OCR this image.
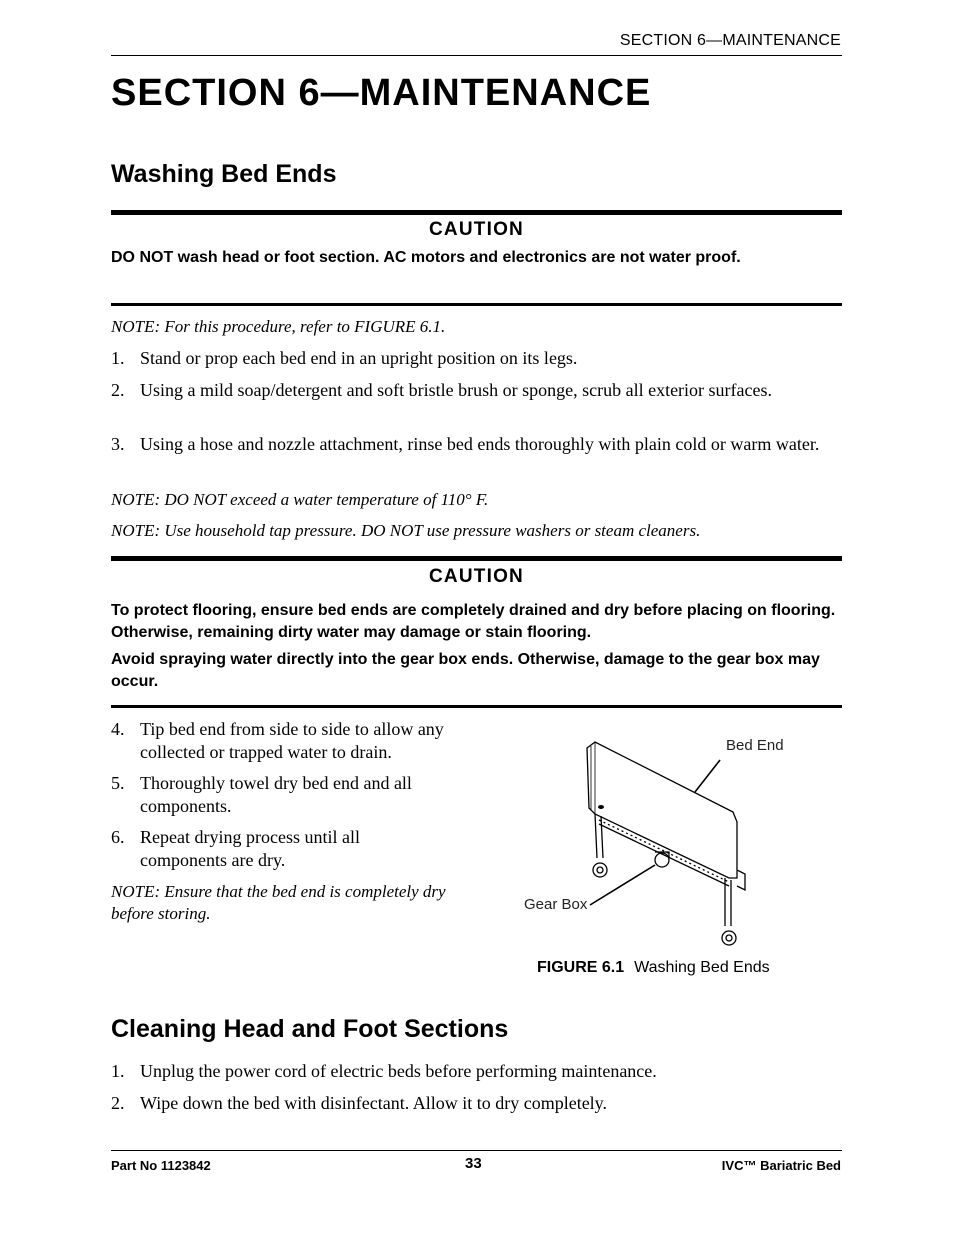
SECTION 6—MAINTENANCE
SECTION 6—MAINTENANCE
Washing Bed Ends
CAUTION
DO NOT wash head or foot section. AC motors and electronics are not water proof.
NOTE: For this procedure, refer to FIGURE 6.1.
1. Stand or prop each bed end in an upright position on its legs.
2. Using a mild soap/detergent and soft bristle brush or sponge, scrub all exterior surfaces.
3. Using a hose and nozzle attachment, rinse bed ends thoroughly with plain cold or warm water.
NOTE: DO NOT exceed a water temperature of 110° F.
NOTE: Use household tap pressure. DO NOT use pressure washers or steam cleaners.
CAUTION
To protect flooring, ensure bed ends are completely drained and dry before placing on flooring. Otherwise, remaining dirty water may damage or stain flooring.
Avoid spraying water directly into the gear box ends. Otherwise, damage to the gear box may occur.
4. Tip bed end from side to side to allow any collected or trapped water to drain.
5. Thoroughly towel dry bed end and all components.
6. Repeat drying process until all components are dry.
NOTE: Ensure that the bed end is completely dry before storing.
Bed End
Gear Box
FIGURE 6.1 Washing Bed Ends
Cleaning Head and Foot Sections
1. Unplug the power cord of electric beds before performing maintenance.
2. Wipe down the bed with disinfectant. Allow it to dry completely.
Part No 1123842	33	IVC™ Bariatric Bed
